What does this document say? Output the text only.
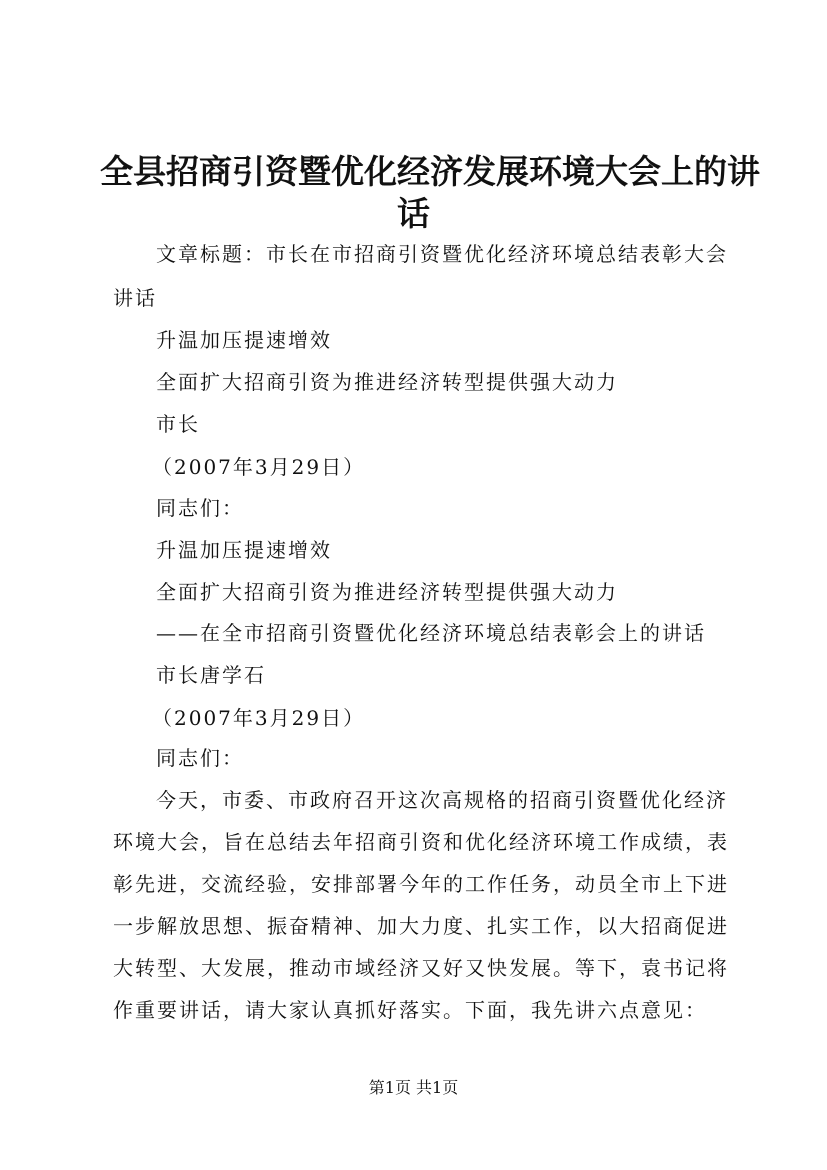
全县招商引资暨优化经济发展环境大会上的讲
话
文章标题：市长在市招商引资暨优化经济环境总结表彰大会
讲话
升温加压提速增效
全面扩大招商引资为推进经济转型提供强大动力
市长
（2007年3月29日）
同志们：
升温加压提速增效
全面扩大招商引资为推进经济转型提供强大动力
——在全市招商引资暨优化经济环境总结表彰会上的讲话
市长唐学石
（2007年3月29日）
同志们：
今天，市委、市政府召开这次高规格的招商引资暨优化经济
环境大会，旨在总结去年招商引资和优化经济环境工作成绩，表
彰先进，交流经验，安排部署今年的工作任务，动员全市上下进
一步解放思想、振奋精神、加大力度、扎实工作，以大招商促进
大转型、大发展，推动市域经济又好又快发展。等下，袁书记将
作重要讲话，请大家认真抓好落实。下面，我先讲六点意见：
第1页 共1页
